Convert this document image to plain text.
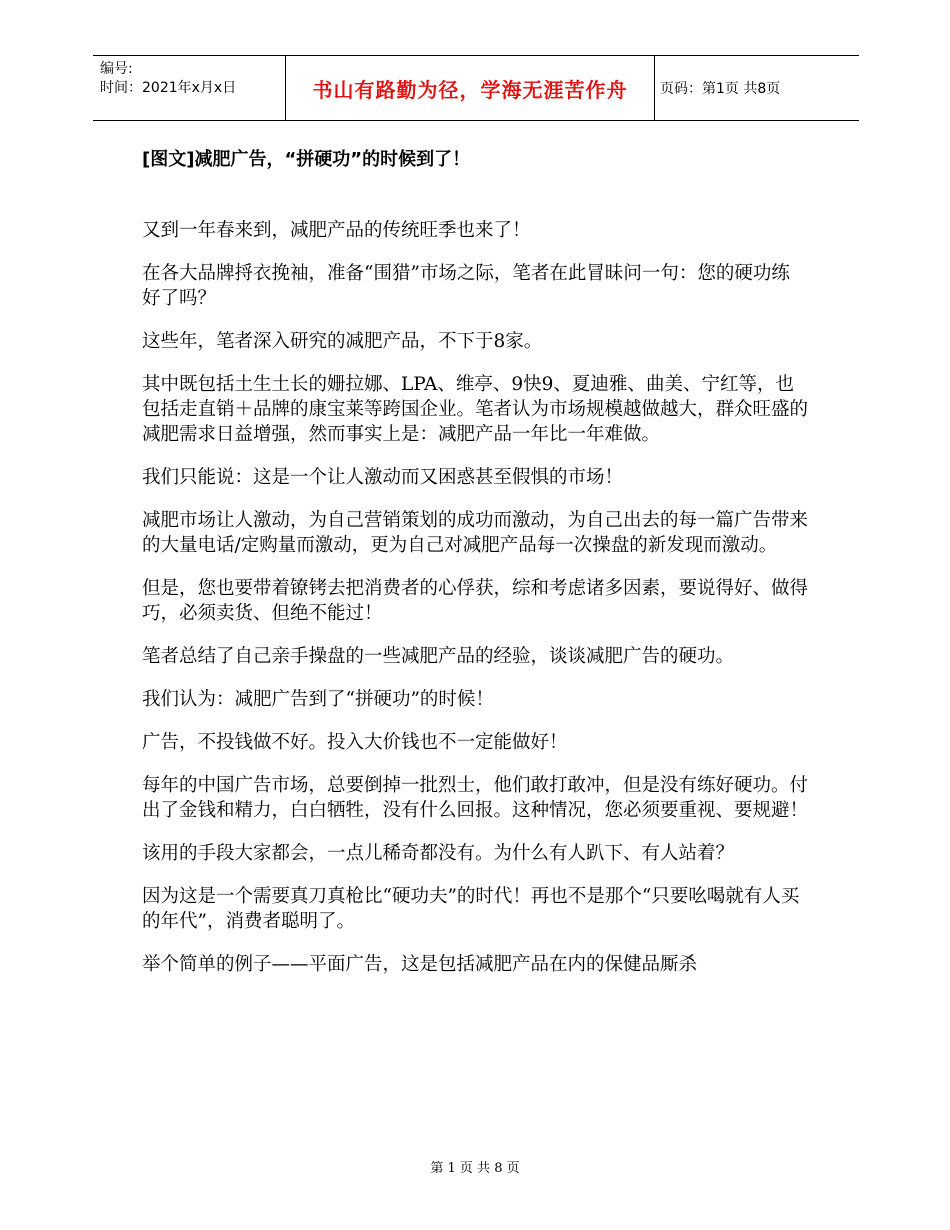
编号:
时间：2021年x月x日	书山有路勤为径，学海无涯苦作舟	页码：第1页 共8页
[图文]减肥广告，“拼硬功”的时候到了！

又到一年春来到，减肥产品的传统旺季也来了！

在各大品牌捋衣挽袖，准备“围猎”市场之际，笔者在此冒昧问一句：您的硬功练好了吗？

这些年，笔者深入研究的减肥产品，不下于8家。

其中既包括土生土长的姗拉娜、LPA、维亭、9快9、夏迪雅、曲美、宁红等，也包括走直销＋品牌的康宝莱等跨国企业。笔者认为市场规模越做越大，群众旺盛的减肥需求日益增强，然而事实上是：减肥产品一年比一年难做。

我们只能说：这是一个让人激动而又困惑甚至假惧的市场！

减肥市场让人激动，为自己营销策划的成功而激动，为自己出去的每一篇广告带来的大量电话/定购量而激动，更为自己对减肥产品每一次操盘的新发现而激动。

但是，您也要带着镣铐去把消费者的心俘获，综和考虑诸多因素，要说得好、做得巧，必须卖货、但绝不能过！

笔者总结了自己亲手操盘的一些减肥产品的经验，谈谈减肥广告的硬功。

我们认为：减肥广告到了“拼硬功”的时候！

广告，不投钱做不好。投入大价钱也不一定能做好！

每年的中国广告市场，总要倒掉一批烈士，他们敢打敢冲，但是没有练好硬功。付出了金钱和精力，白白牺牲，没有什么回报。这种情况，您必须要重视、要规避！

该用的手段大家都会，一点儿稀奇都没有。为什么有人趴下、有人站着？

因为这是一个需要真刀真枪比“硬功夫”的时代！再也不是那个“只要吆喝就有人买的年代”，消费者聪明了。

举个简单的例子——平面广告，这是包括减肥产品在内的保健品厮杀

第 1 页 共 8 页
